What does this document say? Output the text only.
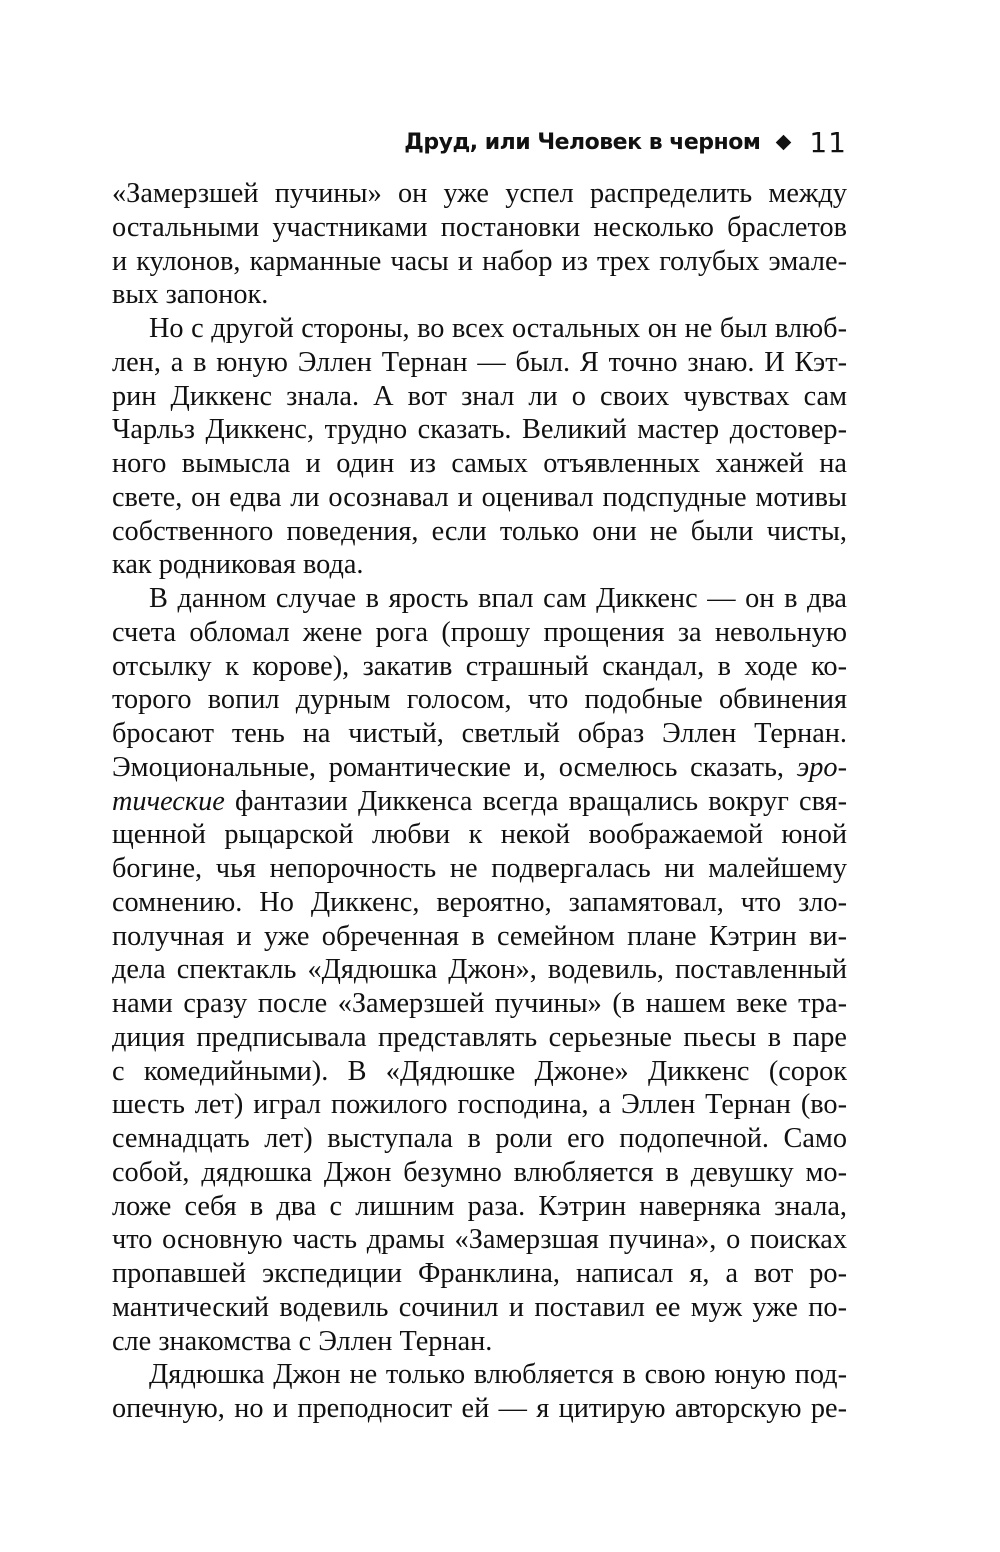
Друд, или Человек в черном 11
«Замерзшей пучины» он уже успел распределить между
остальными участниками постановки несколько браслетов
и кулонов, карманные часы и набор из трех голубых эмале-
вых запонок.
Но с другой стороны, во всех остальных он не был влюб-
лен, а в юную Эллен Тернан — был. Я точно знаю. И Кэт-
рин Диккенс знала. А вот знал ли о своих чувствах сам
Чарльз Диккенс, трудно сказать. Великий мастер достовер-
ного вымысла и один из самых отъявленных ханжей на
свете, он едва ли осознавал и оценивал подспудные мотивы
собственного поведения, если только они не были чисты,
как родниковая вода.
В данном случае в ярость впал сам Диккенс — он в два
счета обломал жене рога (прошу прощения за невольную
отсылку к корове), закатив страшный скандал, в ходе ко-
торого вопил дурным голосом, что подобные обвинения
бросают тень на чистый, светлый образ Эллен Тернан.
Эмоциональные, романтические и, осмелюсь сказать, эро-
тические фантазии Диккенса всегда вращались вокруг свя-
щенной рыцарской любви к некой воображаемой юной
богине, чья непорочность не подвергалась ни малейшему
сомнению. Но Диккенс, вероятно, запамятовал, что зло-
получная и уже обреченная в семейном плане Кэтрин ви-
дела спектакль «Дядюшка Джон», водевиль, поставленный
нами сразу после «Замерзшей пучины» (в нашем веке тра-
диция предписывала представлять серьезные пьесы в паре
с комедийными). В «Дядюшке Джоне» Диккенс (сорок
шесть лет) играл пожилого господина, а Эллен Тернан (во-
семнадцать лет) выступала в роли его подопечной. Само
собой, дядюшка Джон безумно влюбляется в девушку мо-
ложе себя в два с лишним раза. Кэтрин наверняка знала,
что основную часть драмы «Замерзшая пучина», о поисках
пропавшей экспедиции Франклина, написал я, а вот ро-
мантический водевиль сочинил и поставил ее муж уже по-
сле знакомства с Эллен Тернан.
Дядюшка Джон не только влюбляется в свою юную под-
опечную, но и преподносит ей — я цитирую авторскую ре-
